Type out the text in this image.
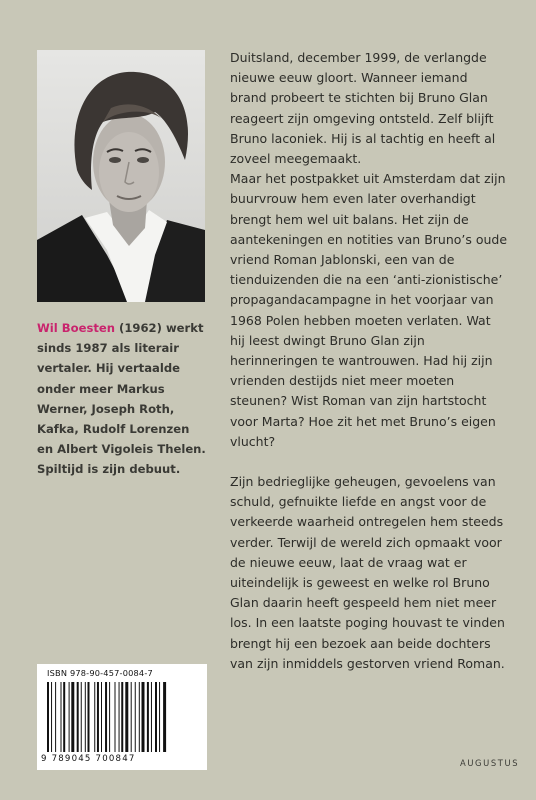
Wil Boesten (1962) werkt sinds 1987 als literair vertaler. Hij vertaalde onder meer Markus Werner, Joseph Roth, Kafka, Rudolf Lorenzen en Albert Vigoleis Thelen. Spiltijd is zijn debuut.

Duitsland, december 1999, de verlangde nieuwe eeuw gloort. Wanneer iemand brand probeert te stichten bij Bruno Glan reageert zijn omgeving ontsteld. Zelf blijft Bruno laconiek. Hij is al tachtig en heeft al zoveel meegemaakt.

Maar het postpakket uit Amsterdam dat zijn buurvrouw hem even later overhandigt brengt hem wel uit balans. Het zijn de aantekeningen en notities van Bruno’s oude vriend Roman Jablonski, een van de tienduizenden die na een ‘anti-zionistische’ propagandacampagne in het voorjaar van 1968 Polen hebben moeten verlaten. Wat hij leest dwingt Bruno Glan zijn herinneringen te wantrouwen. Had hij zijn vrienden destijds niet meer moeten steunen? Wist Roman van zijn hartstocht voor Marta? Hoe zit het met Bruno’s eigen vlucht?

Zijn bedrieglijke geheugen, gevoelens van schuld, gefnuikte liefde en angst voor de verkeerde waarheid ontregelen hem steeds verder. Terwijl de wereld zich opmaakt voor de nieuwe eeuw, laat de vraag wat er uiteindelijk is geweest en welke rol Bruno Glan daarin heeft gespeeld hem niet meer los. In een laatste poging houvast te vinden brengt hij een bezoek aan beide dochters van zijn inmiddels gestorven vriend Roman.

ISBN 978-90-457-0084-7
9 789045 700847	AUGUSTUS
